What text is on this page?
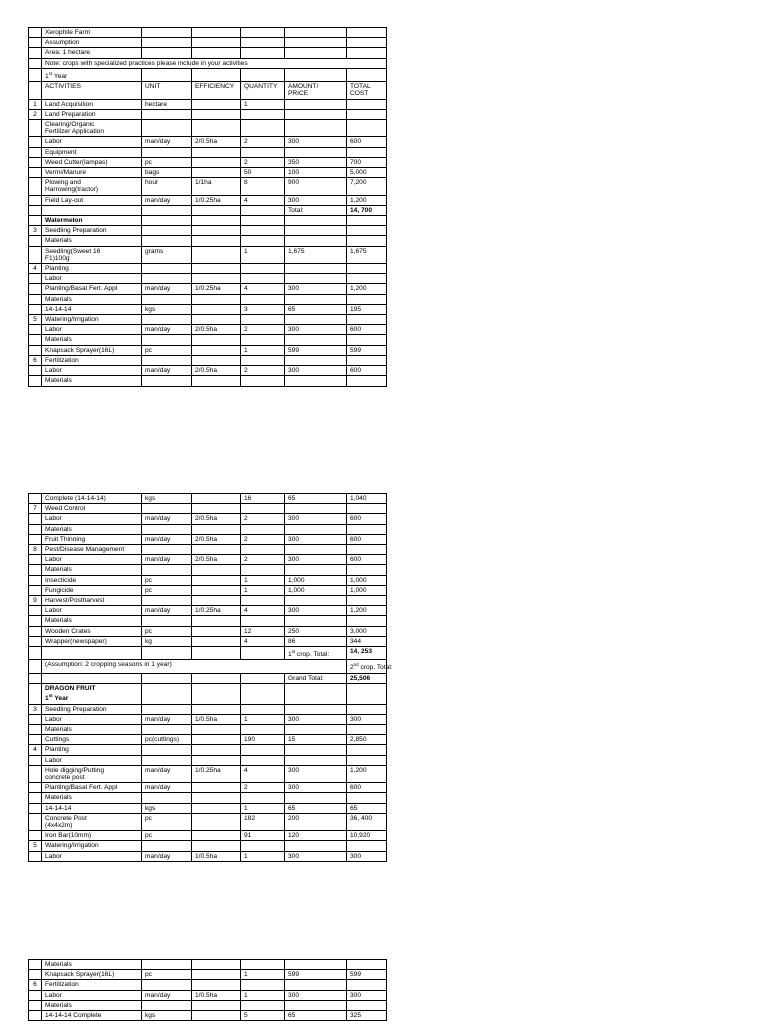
	Xerophile Farm					
	Assumption					
	Area: 1 hectare					
	Note: crops with specialized practices please include in your activities					
	1st Year					
	ACTIVITIES	UNIT	EFFICIENCY	QUANTITY	AMOUNT/
PRICE	TOTAL
COST
1	Land Acquisition	hectare		1		
2	Land Preparation					
	Clearing/Organic
Fertilizer Application					
	Labor	man/day	2/0.5ha	2	300	600
	Equipment					
	Weed Cutter(lampas)	pc		2	350	700
	Vermi/Manure	bags		50	100	5,000
	Plowing and
Harrowing(tractor)	hour	1/1ha	8	900	7,200
	Field Lay-out	man/day	1/0.25ha	4	300	1,200
					Total:	14, 700
	Watermelon					
3	Seedling Preparation					
	Materials					
	Seedling(Sweet 16
F1)100g	grams		1	1,675	1,675
4	Planting					
	Labor					
	Planting/Basal Fert. Appl	man/day	1/0.25ha	4	300	1,200
	Materials					
	14-14-14	kgs		3	65	195
5	Watering/Irrigation					
	Labor	man/day	2/0.5ha	2	300	600
	Materials					
	Knapsack Sprayer(16L)	pc		1	599	599
6	Fertilization					
	Labor	man/day	2/0.5ha	2	300	600
	Materials					
	Complete (14-14-14)	kgs		16	65	1,040	
7	Weed Control						
	Labor	man/day	2/0.5ha	2	300	600	
	Materials						
	Fruit Thinning	man/day	2/0.5ha	2	300	600	
8	Pest/Disease Management						
	Labor	man/day	2/0.5ha	2	300	600	
	Materials						
	Insecticide	pc		1	1,000	1,000	
	Fungicide	pc		1	1,000	1,000	
9	Harvest/Postharvest						
	Labor	man/day	1/0.25ha	4	300	1,200	
	Materials						
	Wooden Crates	pc		12	250	3,000	
	Wrapper(newspaper)	kg		4	86	344	
					1st crop. Total:	14, 253	
	(Assumption: 2 cropping seasons in 1 year)					2nd crop. Total:	
					Grand Total:	25,506	
	DRAGON FRUIT
1st Year						
3	Seedling Preparation						
	Labor	man/day	1/0.5ha	1	300	300	
	Materials						
	Cuttings	pc(cuttings)		190	15	2,850	
4	Planting						
	Labor						
	Hole digging/Putting
concrete post	man/day	1/0.25ha	4	300	1,200	
	Planting/Basal Fert. Appl	man/day		2	300	600	
	Materials						
	14-14-14	kgs		1	65	65	
	Concrete Post
(4x4x2m)	pc		182	200	36, 400	
	Iron Bar(10mm)	pc		91	120	10,920	
5	Watering/Irrigation						
	Labor	man/day	1/0.5ha	1	300	300	
	Materials					
	Knapsack Sprayer(16L)	pc		1	599	599
6	Fertilization					
	Labor	man/day	1/0.5ha	1	300	300
	Materials					
	14-14-14 Complete	kgs		5	65	325
